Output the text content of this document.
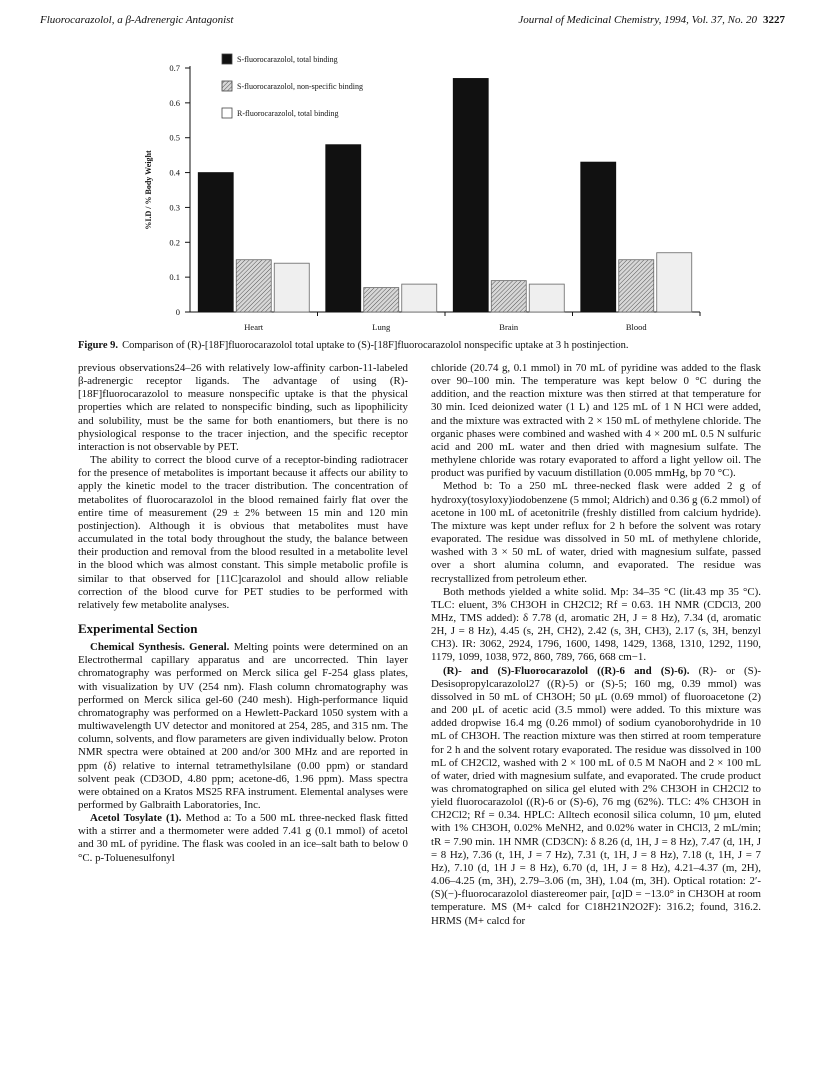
Fluorocarazolol, a β-Adrenergic Antagonist	Journal of Medicinal Chemistry, 1994, Vol. 37, No. 20 3227
0
0.1
0.2
0.3
0.4
0.5
0.6
0.7
%I.D / % Body Weight
Heart	Lung	Brain	Blood
S-fluorocarazolol, total binding
S-fluorocarazolol, non-specific binding
R-fluorocarazolol, total binding
Figure 9. Comparison of (R)-[18F]fluorocarazolol total uptake to (S)-[18F]fluorocarazolol nonspecific uptake at 3 h postinjection.

previous observations24–26 with relatively low-affinity carbon-11-labeled β-adrenergic receptor ligands. The advantage of using (R)-[18F]fluorocarazolol to measure nonspecific uptake is that the physical properties which are related to nonspecific binding, such as lipophilicity and solubility, must be the same for both enantiomers, but there is no physiological response to the tracer injection, and the specific receptor interaction is not observable by PET.

The ability to correct the blood curve of a receptor-binding radiotracer for the presence of metabolites is important because it affects our ability to apply the kinetic model to the tracer distribution. The concentration of metabolites of fluorocarazolol in the blood remained fairly flat over the entire time of measurement (29 ± 2% between 15 min and 120 min postinjection). Although it is obvious that metabolites must have accumulated in the total body throughout the study, the balance between their production and removal from the blood resulted in a metabolite level in the blood which was almost constant. This simple metabolic profile is similar to that observed for [11C]carazolol and should allow reliable correction of the blood curve for PET studies to be performed with relatively few metabolite analyses.

Experimental Section

Chemical Synthesis. General. Melting points were determined on an Electrothermal capillary apparatus and are uncorrected. Thin layer chromatography was performed on Merck silica gel F-254 glass plates, with visualization by UV (254 nm). Flash column chromatography was performed on Merck silica gel-60 (240 mesh). High-performance liquid chromatography was performed on a Hewlett-Packard 1050 system with a multiwavelength UV detector and monitored at 254, 285, and 315 nm. The column, solvents, and flow parameters are given individually below. Proton NMR spectra were obtained at 200 and/or 300 MHz and are reported in ppm (δ) relative to internal tetramethylsilane (0.00 ppm) or standard solvent peak (CD3OD, 4.80 ppm; acetone-d6, 1.96 ppm). Mass spectra were obtained on a Kratos MS25 RFA instrument. Elemental analyses were performed by Galbraith Laboratories, Inc.

Acetol Tosylate (1). Method a: To a 500 mL three-necked flask fitted with a stirrer and a thermometer were added 7.41 g (0.1 mmol) of acetol and 30 mL of pyridine. The flask was cooled in an ice–salt bath to below 0 °C. p-Toluenesulfonyl

chloride (20.74 g, 0.1 mmol) in 70 mL of pyridine was added to the flask over 90–100 min. The temperature was kept below 0 °C during the addition, and the reaction mixture was then stirred at that temperature for 30 min. Iced deionized water (1 L) and 125 mL of 1 N HCl were added, and the mixture was extracted with 2 × 150 mL of methylene chloride. The organic phases were combined and washed with 4 × 200 mL 0.5 N sulfuric acid and 200 mL water and then dried with magnesium sulfate. The methylene chloride was rotary evaporated to afford a light yellow oil. The product was purified by vacuum distillation (0.005 mmHg, bp 70 °C).

Method b: To a 250 mL three-necked flask were added 2 g of hydroxy(tosyloxy)iodobenzene (5 mmol; Aldrich) and 0.36 g (6.2 mmol) of acetone in 100 mL of acetonitrile (freshly distilled from calcium hydride). The mixture was kept under reflux for 2 h before the solvent was rotary evaporated. The residue was dissolved in 50 mL of methylene chloride, washed with 3 × 50 mL of water, dried with magnesium sulfate, passed over a short alumina column, and evaporated. The residue was recrystallized from petroleum ether.

Both methods yielded a white solid. Mp: 34–35 °C (lit.43 mp 35 °C). TLC: eluent, 3% CH3OH in CH2Cl2; Rf = 0.63. 1H NMR (CDCl3, 200 MHz, TMS added): δ 7.78 (d, aromatic 2H, J = 8 Hz), 7.34 (d, aromatic 2H, J = 8 Hz), 4.45 (s, 2H, CH2), 2.42 (s, 3H, CH3), 2.17 (s, 3H, benzyl CH3). IR: 3062, 2924, 1796, 1600, 1498, 1429, 1368, 1310, 1292, 1190, 1179, 1099, 1038, 972, 860, 789, 766, 668 cm−1.

(R)- and (S)-Fluorocarazolol ((R)-6 and (S)-6). (R)- or (S)-Desisopropylcarazolol27 ((R)-5) or (S)-5; 160 mg, 0.39 mmol) was dissolved in 50 mL of CH3OH; 50 μL (0.69 mmol) of fluoroacetone (2) and 200 μL of acetic acid (3.5 mmol) were added. To this mixture was added dropwise 16.4 mg (0.26 mmol) of sodium cyanoborohydride in 10 mL of CH3OH. The reaction mixture was then stirred at room temperature for 2 h and the solvent rotary evaporated. The residue was dissolved in 100 mL of CH2Cl2, washed with 2 × 100 mL of 0.5 M NaOH and 2 × 100 mL of water, dried with magnesium sulfate, and evaporated. The crude product was chromatographed on silica gel eluted with 2% CH3OH in CH2Cl2 to yield fluorocarazolol ((R)-6 or (S)-6), 76 mg (62%). TLC: 4% CH3OH in CH2Cl2; Rf = 0.34. HPLC: Alltech econosil silica column, 10 μm, eluted with 1% CH3OH, 0.02% MeNH2, and 0.02% water in CHCl3, 2 mL/min; tR = 7.90 min. 1H NMR (CD3CN): δ 8.26 (d, 1H, J = 8 Hz), 7.47 (d, 1H, J = 8 Hz), 7.36 (t, 1H, J = 7 Hz), 7.31 (t, 1H, J = 8 Hz), 7.18 (t, 1H, J = 7 Hz), 7.10 (d, 1H J = 8 Hz), 6.70 (d, 1H, J = 8 Hz), 4.21–4.37 (m, 2H), 4.06–4.25 (m, 3H), 2.79–3.06 (m, 3H), 1.04 (m, 3H). Optical rotation: 2′-(S)(−)-fluorocarazolol diastereomer pair, [α]D = −13.0° in CH3OH at room temperature. MS (M+ calcd for C18H21N2O2F): 316.2; found, 316.2. HRMS (M+ calcd for
